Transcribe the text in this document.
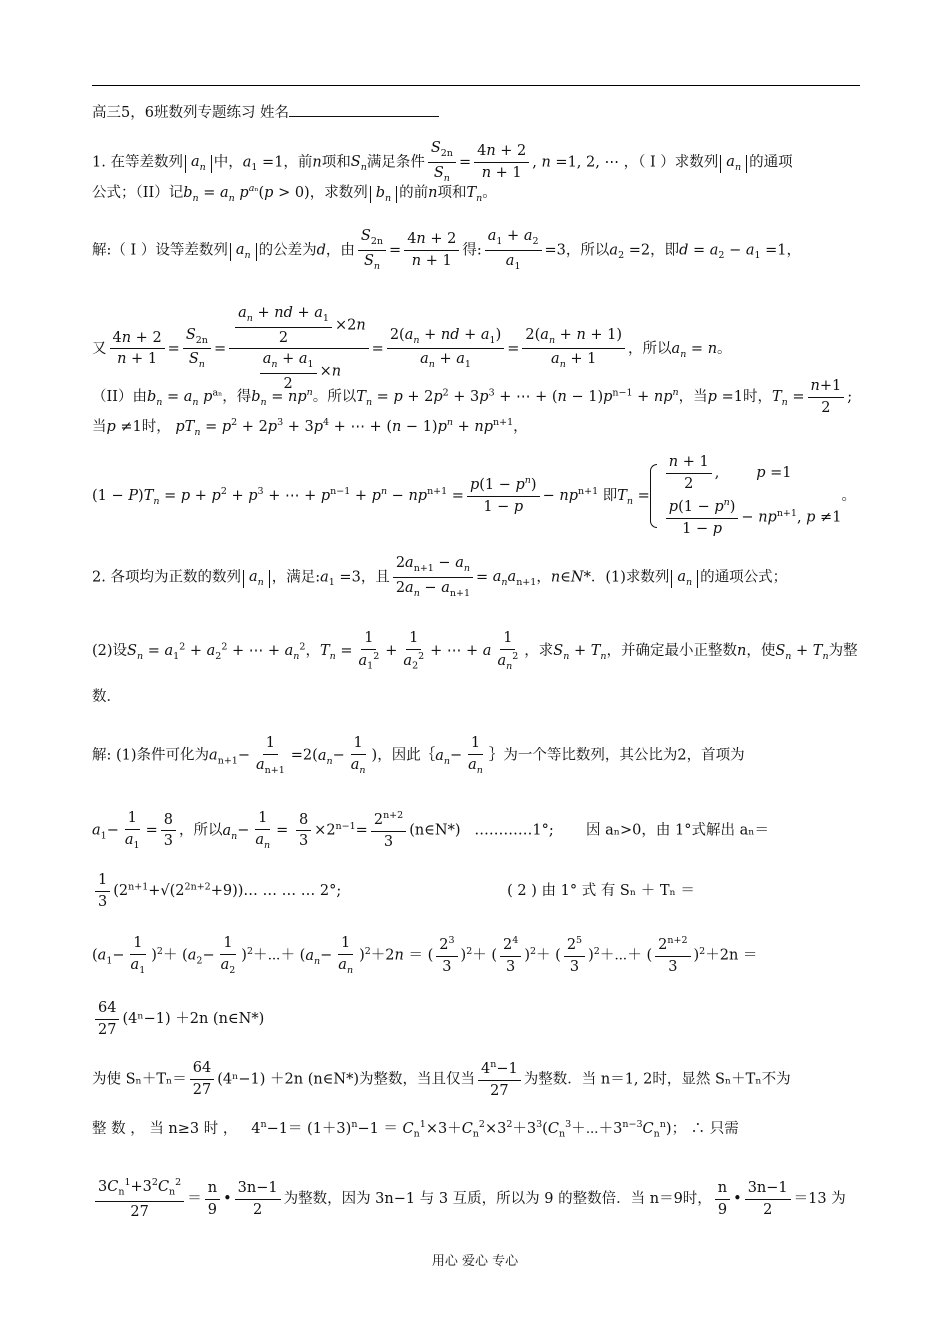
高三5，6班数列专题练习 姓名
1. 在等差数列 $a_n$ 中，$a_1 =1$，前n项和$S_n$满足条件 $\frac{S_{2n}}{S_n} = \frac{4n + 2}{n + 1}$ , n =1, 2, ⋯ ，（ I ）求数列 $a_n$ 的通项
公式；（II）记$b_n = a_n$ $p^{a_n}(p > 0)$，求数列 $b_n$ 的前n项和$T_n$。
解:（ I ）设等差数列 $a_n$ 的公差为d，由 $\frac{S_{2n}}{S_n} = \frac{4n + 2}{n + 1}$ 得: $\frac{a_1 + a_2}{a_1} =3$，所以$a_2 =2$，即$d = a_2 - a_1 =1$，
又 $\frac{4n + 2}{n + 1} = \frac{S_{2n}}{S_n} = \frac{\frac{a_n + nd + a_1}{2} \times 2n}{\frac{a_n + a_1}{2} \times n} = \frac{2(a_n + nd + a_1)}{a_n + a_1} = \frac{2(a_n + n + 1)}{a_n + 1}$ ，所以$a_n = n$。
（II）由$b_n = a_n$ $p^{a_n}$，得$b_n = np^n$。所以$T_n = p + 2p^2 + 3p^3$ + ⋯ + $(n - 1)p^{n-1} + np^n$，当p =1时，$T_n = \frac{n+1}{2}$ ;
当p ≠1时， $pT_n = p^2 + 2p^3 + 3p^4$ + ⋯ + $(n - 1)p^n + np^{n+1}$，
$(1 - P)T_n = p + p^2 + p^3$ + ⋯ + $p^{n-1} + p^n - np^{n+1} = \frac{p(1 - p^n)}{1 - p} - np^{n+1}$ 即$T_n$ =
$\frac{n + 1}{2}$ ,        p =1
$\frac{p(1 - p^n)}{1 - p} - np^{n+1}$, p ≠1
。
2. 各项均为正数的数列 $a_n$ ，满足$:a_1 =3$，且 $\frac{2a_{n+1} - a_n}{2a_n - a_{n+1}} = a_na_{n+1}$，n∈N*．(1)求数列 $a_n$ 的通项公式；
(2)设$S_n = a_1^2 + a_2^2$ + ⋯ + $a_n^2$，$T_n = \frac{1}{a_1^2} + \frac{1}{a_2^2}$ + ⋯ + a $\frac{1}{a_n^2}$ ，求$S_n + T_n$，并确定最小正整数n，使$S_n + T_n$为整
数．
解: (1)条件可化为$a_{n+1}- \frac{1}{a_{n+1}} =2(a_n- \frac{1}{a_n}$ )，因此$\{a_n- \frac{1}{a_n}$ ｝为一个等比数列，其公比为2，首项为
$a_1- \frac{1}{a_1} = \frac{8}{3}$ ，所以$a_n- \frac{1}{a_n} = \frac{8}{3} \times 2^{n-1}= \frac{2^{n+2}}{3}$ (n∈N*) …………1°; 因 aₙ>0，由 1°式解出 aₙ＝
$\frac{1}{3}$ $(2^{n+1}+√(2^{2n+2}+9))\dots$ … … … 2°;	( 2 ) 由 1° 式 有 Sₙ ＋ Tₙ ＝
$(a_1- \frac{1}{a_1} )^2+ (a_2- \frac{1}{a_2}$ )$^2+\cdots+ (a_n- \frac{1}{a_n} )^2+2n$ ＝ ( $\frac{2^3}{3} )^2+$ ( $\frac{2^4}{3} )^2+$ ( $\frac{2^5}{3}$ )$^2$＋⋯＋ ( $\frac{2^{n+2}}{3} )^2+2n$ ＝
$\frac{64}{27} (4^n-1) +2n$ (n∈N*)
为使 $S_n+T_n= \frac{64}{27} (4^n-1) +2n$ (n∈N*)为整数，当且仅当 $\frac{4^n-1}{27}$ 为整数．当 n＝1, 2时，显然 Sₙ＋Tₙ不为
整 数 ， 当 n≥3 时 ，   $4^n-1= (1+3)^n-1$ ＝ $C_n^1\times 3+C_n^2\times 3^2+3^3(C_n^3+\cdots+3^{n-3}C_n^n)$； ∴ 只需
$\frac{3C_n^1+3^2C_n^2}{27} = \frac{n}{9}$ • $\frac{3n-1}{2}$ 为整数，因为 3n−1 与 3 互质，所以为 9 的整数倍．当 n＝9时， $\frac{n}{9}$ • $\frac{3n-1}{2} =13$ 为
用心 爱心 专心
